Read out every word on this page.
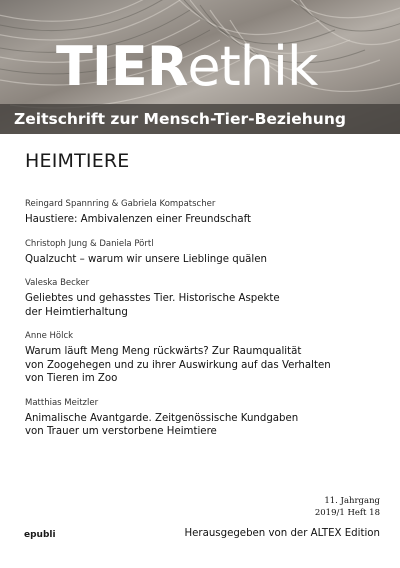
TIERethik
Zeitschrift zur Mensch-Tier-Beziehung
HEIMTIERE
Reingard Spannring & Gabriela Kompatscher
Haustiere: Ambivalenzen einer Freundschaft
Christoph Jung & Daniela Pörtl
Qualzucht – warum wir unsere Lieblinge quälen
Valeska Becker
Geliebtes und gehasstes Tier. Historische Aspekte
der Heimtierhaltung
Anne Hölck
Warum läuft Meng Meng rückwärts? Zur Raumqualität
von Zoogehegen und zu ihrer Auswirkung auf das Verhalten
von Tieren im Zoo
Matthias Meitzler
Animalische Avantgarde. Zeitgenössische Kundgaben
von Trauer um verstorbene Heimtiere
11. Jahrgang
2019/1 Heft 18
epubli	Herausgegeben von der ALTEX Edition
